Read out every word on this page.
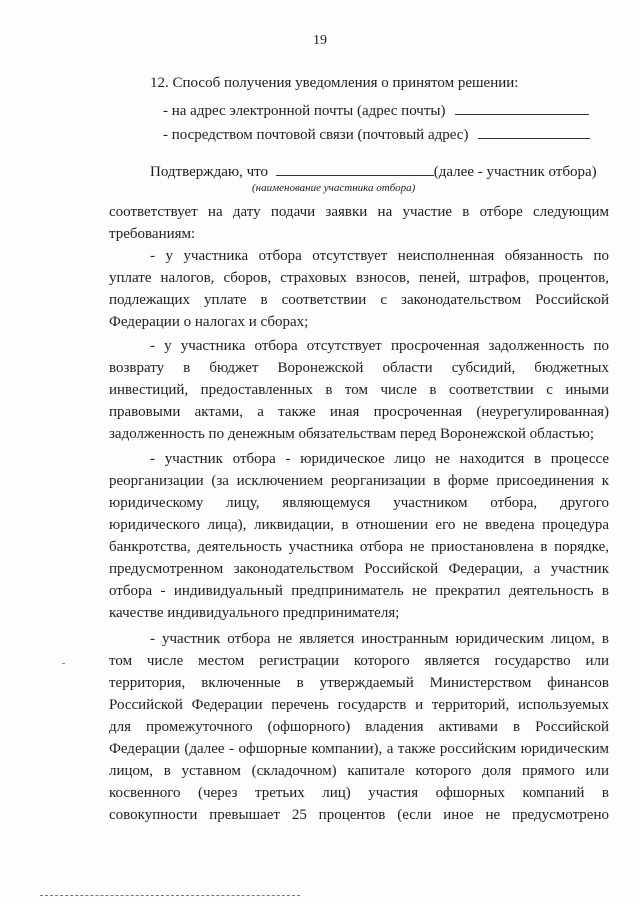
19
12. Способ получения уведомления о принятом решении:
- на адрес электронной почты (адрес почты)
- посредством почтовой связи (почтовый адрес)
Подтверждаю, что	(далее - участник отбора)
(наименование участника отбора)
соответствует на дату подачи заявки на участие в отборе следующим
требованиям:
- у участника отбора отсутствует неисполненная обязанность по
уплате налогов, сборов, страховых взносов, пеней, штрафов, процентов,
подлежащих уплате в соответствии с законодательством Российской
Федерации о налогах и сборах;
- у участника отбора отсутствует просроченная задолженность по
возврату в бюджет Воронежской области субсидий, бюджетных
инвестиций, предоставленных в том числе в соответствии с иными
правовыми актами, а также иная просроченная (неурегулированная)
задолженность по денежным обязательствам перед Воронежской областью;
- участник отбора - юридическое лицо не находится в процессе
реорганизации (за исключением реорганизации в форме присоединения к
юридическому лицу, являющемуся участником отбора, другого
юридического лица), ликвидации, в отношении его не введена процедура
банкротства, деятельность участника отбора не приостановлена в порядке,
предусмотренном законодательством Российской Федерации, а участник
отбора - индивидуальный предприниматель не прекратил деятельность в
качестве индивидуального предпринимателя;
- участник отбора не является иностранным юридическим лицом, в
том числе местом регистрации которого является государство или
территория, включенные в утверждаемый Министерством финансов
Российской Федерации перечень государств и территорий, используемых
для промежуточного (офшорного) владения активами в Российской
Федерации (далее - офшорные компании), а также российским юридическим
лицом, в уставном (складочном) капитале которого доля прямого или
косвенного (через третьих лиц) участия офшорных компаний в
совокупности превышает 25 процентов (если иное не предусмотрено
